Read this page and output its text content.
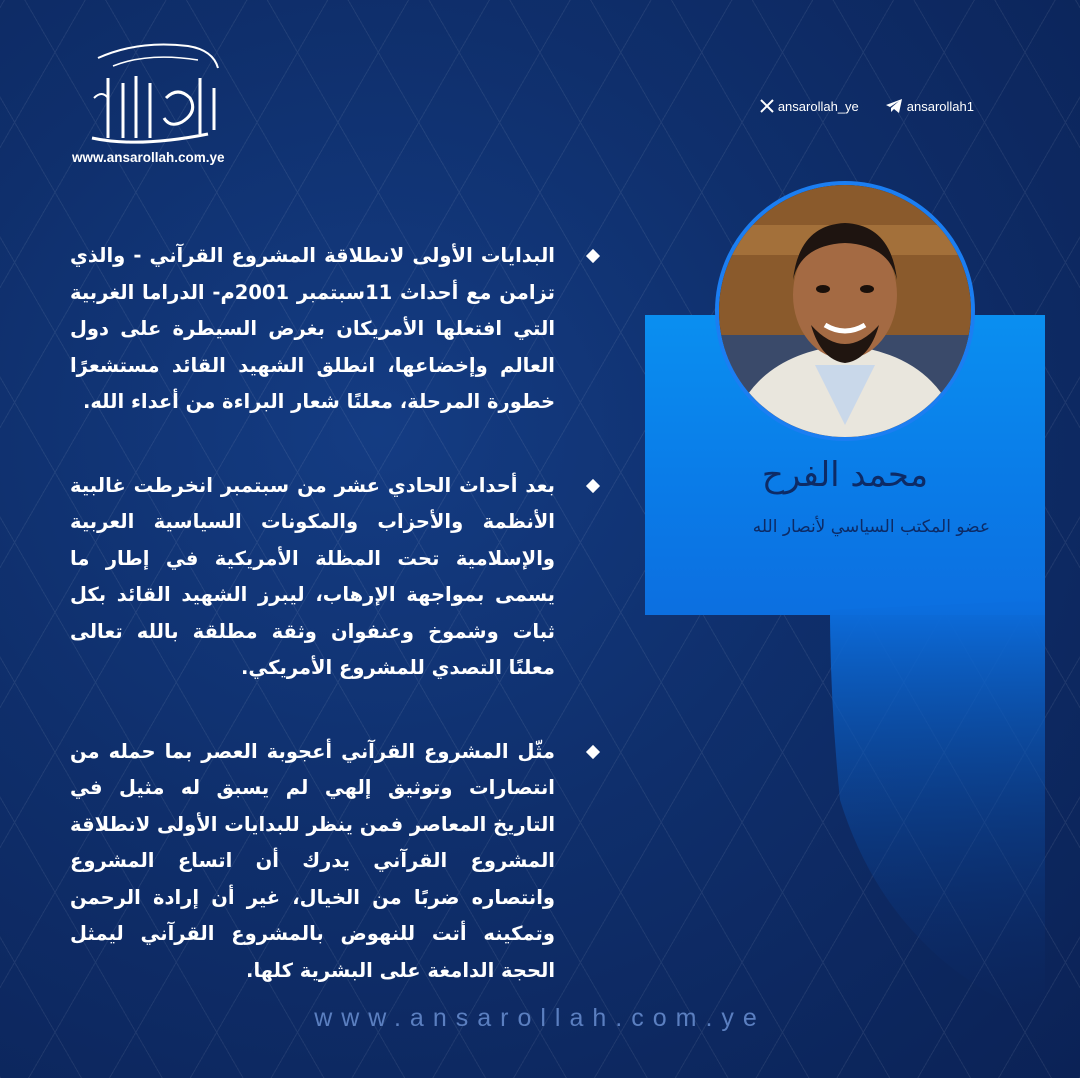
www.ansarollah.com.ye
ansarollah_ye	ansarollah1
محمد الفرح
عضو المكتب السياسي لأنصار الله

البدايات الأولى لانطلاقة المشروع القرآني - والذي تزامن مع أحداث 11سبتمبر 2001م- الدراما الغربية التي افتعلها الأمريكان بغرض السيطرة على دول العالم وإخضاعها، انطلق الشهيد القائد مستشعرًا خطورة المرحلة، معلنًا شعار البراءة من أعداء الله.

بعد أحداث الحادي عشر من سبتمبر انخرطت غالبية الأنظمة والأحزاب والمكونات السياسية العربية والإسلامية تحت المظلة الأمريكية في إطار ما يسمى بمواجهة الإرهاب، ليبرز الشهيد القائد بكل ثبات وشموخ وعنفوان وثقة مطلقة بالله تعالى معلنًا التصدي للمشروع الأمريكي.

مثّل المشروع القرآني أعجوبة العصر بما حمله من انتصارات وتوثيق إلهي لم يسبق له مثيل في التاريخ المعاصر فمن ينظر للبدايات الأولى لانطلاقة المشروع القرآني يدرك أن اتساع المشروع وانتصاره ضربًا من الخيال، غير أن إرادة الرحمن وتمكينه أتت للنهوض بالمشروع القرآني ليمثل الحجة الدامغة على البشرية كلها.

www.ansarollah.com.ye
